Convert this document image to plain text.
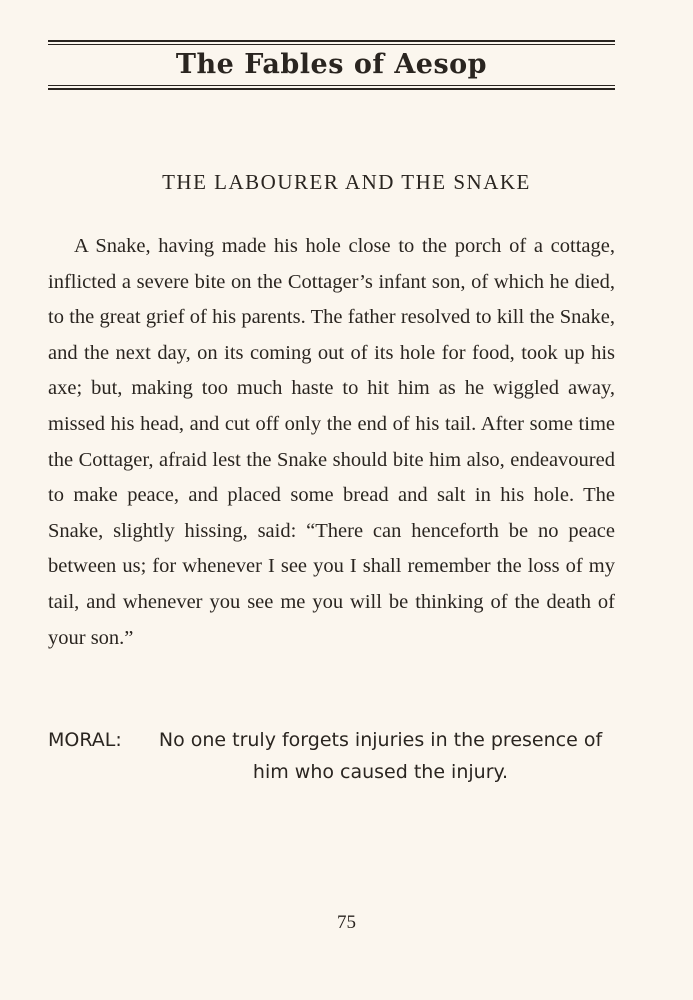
The Fables of Aesop
THE LABOURER AND THE SNAKE

A Snake, having made his hole close to the porch of a cottage, inflicted a severe bite on the Cottager’s infant son, of which he died, to the great grief of his parents. The father resolved to kill the Snake, and the next day, on its coming out of its hole for food, took up his axe; but, making too much haste to hit him as he wiggled away, missed his head, and cut off only the end of his tail. After some time the Cottager, afraid lest the Snake should bite him also, endeavoured to make peace, and placed some bread and salt in his hole. The Snake, slightly hissing, said: “There can henceforth be no peace between us; for whenever I see you I shall remember the loss of my tail, and whenever you see me you will be thinking of the death of your son.”

MORAL: No one truly forgets injuries in the presence of him who caused the injury.
75
